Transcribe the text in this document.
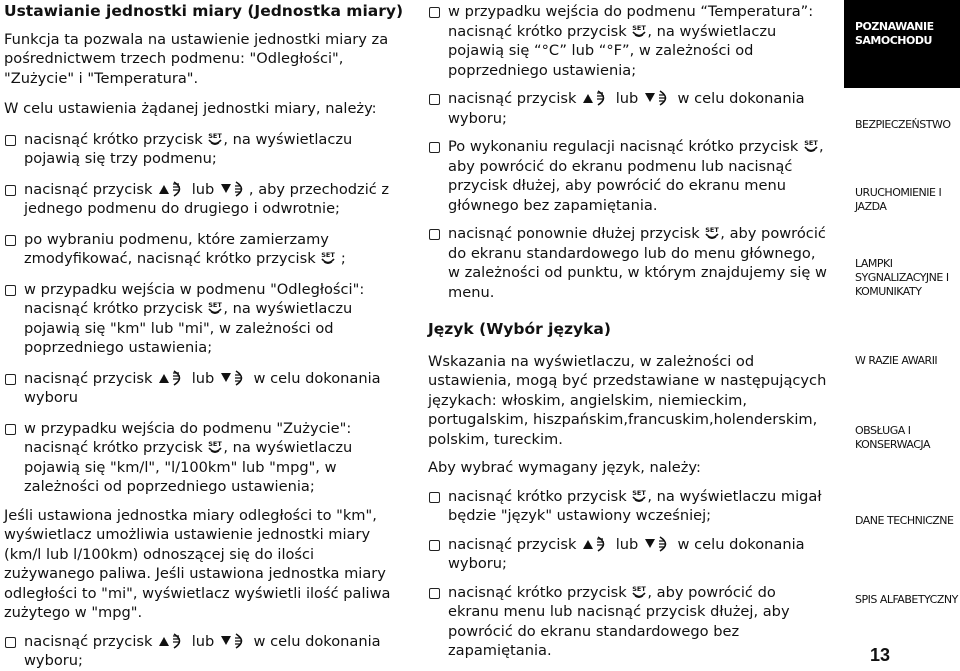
Ustawianie jednostki miary (Jednostka miary)

Funkcja ta pozwala na ustawienie jednostki miary za pośrednictwem trzech podmenu: "Odległości", "Zużycie" i "Temperatura".

W celu ustawienia żądanej jednostki miary, należy:

nacisnąć krótko przycisk SET , na wyświetlaczu pojawią się trzy podmenu;
nacisnąć przycisk  lub , aby przechodzić z jednego podmenu do drugiego i odwrotnie;
po wybraniu podmenu, które zamierzamy zmodyfikować, nacisnąć krótko przycisk SET ;
w przypadku wejścia w podmenu "Odległości": nacisnąć krótko przycisk SET , na wyświetlaczu pojawią się "km" lub "mi", w zależności od poprzedniego ustawienia;
nacisnąć przycisk  lub  w celu dokonania wyboru
w przypadku wejścia do podmenu "Zużycie": nacisnąć krótko przycisk SET , na wyświetlaczu pojawią się "km/l", "l/100km" lub "mpg", w zależności od poprzedniego ustawienia;

Jeśli ustawiona jednostka miary odległości to "km", wyświetlacz umożliwia ustawienie jednostki miary (km/l lub l/100km) odnoszącej się do ilości zużywanego paliwa. Jeśli ustawiona jednostka miary odległości to "mi", wyświetlacz wyświetli ilość paliwa zużytego w "mpg".

nacisnąć przycisk  lub  w celu dokonania wyboru;
w przypadku wejścia do podmenu “Temperatura”: nacisnąć krótko przycisk SET , na wyświetlaczu pojawią się “°C” lub “°F”, w zależności od poprzedniego ustawienia;
nacisnąć przycisk  lub  w celu dokonania wyboru;
Po wykonaniu regulacji nacisnąć krótko przycisk SET , aby powrócić do ekranu podmenu lub nacisnąć przycisk dłużej, aby powrócić do ekranu menu głównego bez zapamiętania.
nacisnąć ponownie dłużej przycisk SET , aby powrócić do ekranu standardowego lub do menu głównego, w zależności od punktu, w którym znajdujemy się w menu.

Język (Wybór języka)

Wskazania na wyświetlaczu, w zależności od ustawienia, mogą być przedstawiane w następujących językach: włoskim, angielskim, niemieckim, portugalskim, hiszpańskim,francuskim,holenderskim, polskim, tureckim.

Aby wybrać wymagany język, należy:

nacisnąć krótko przycisk SET , na wyświetlaczu migał będzie "język" ustawiony wcześniej;
nacisnąć przycisk  lub  w celu dokonania wyboru;
nacisnąć krótko przycisk SET , aby powrócić do ekranu menu lub nacisnąć przycisk dłużej, aby powrócić do ekranu standardowego bez zapamiętania.
POZNAWANIE SAMOCHODU
BEZPIECZEŃSTWO
URUCHOMIENIE I JAZDA
LAMPKI SYGNALIZACYJNE I KOMUNIKATY
W RAZIE AWARII
OBSŁUGA I KONSERWACJA
DANE TECHNICZNE
SPIS ALFABETYCZNY
13
